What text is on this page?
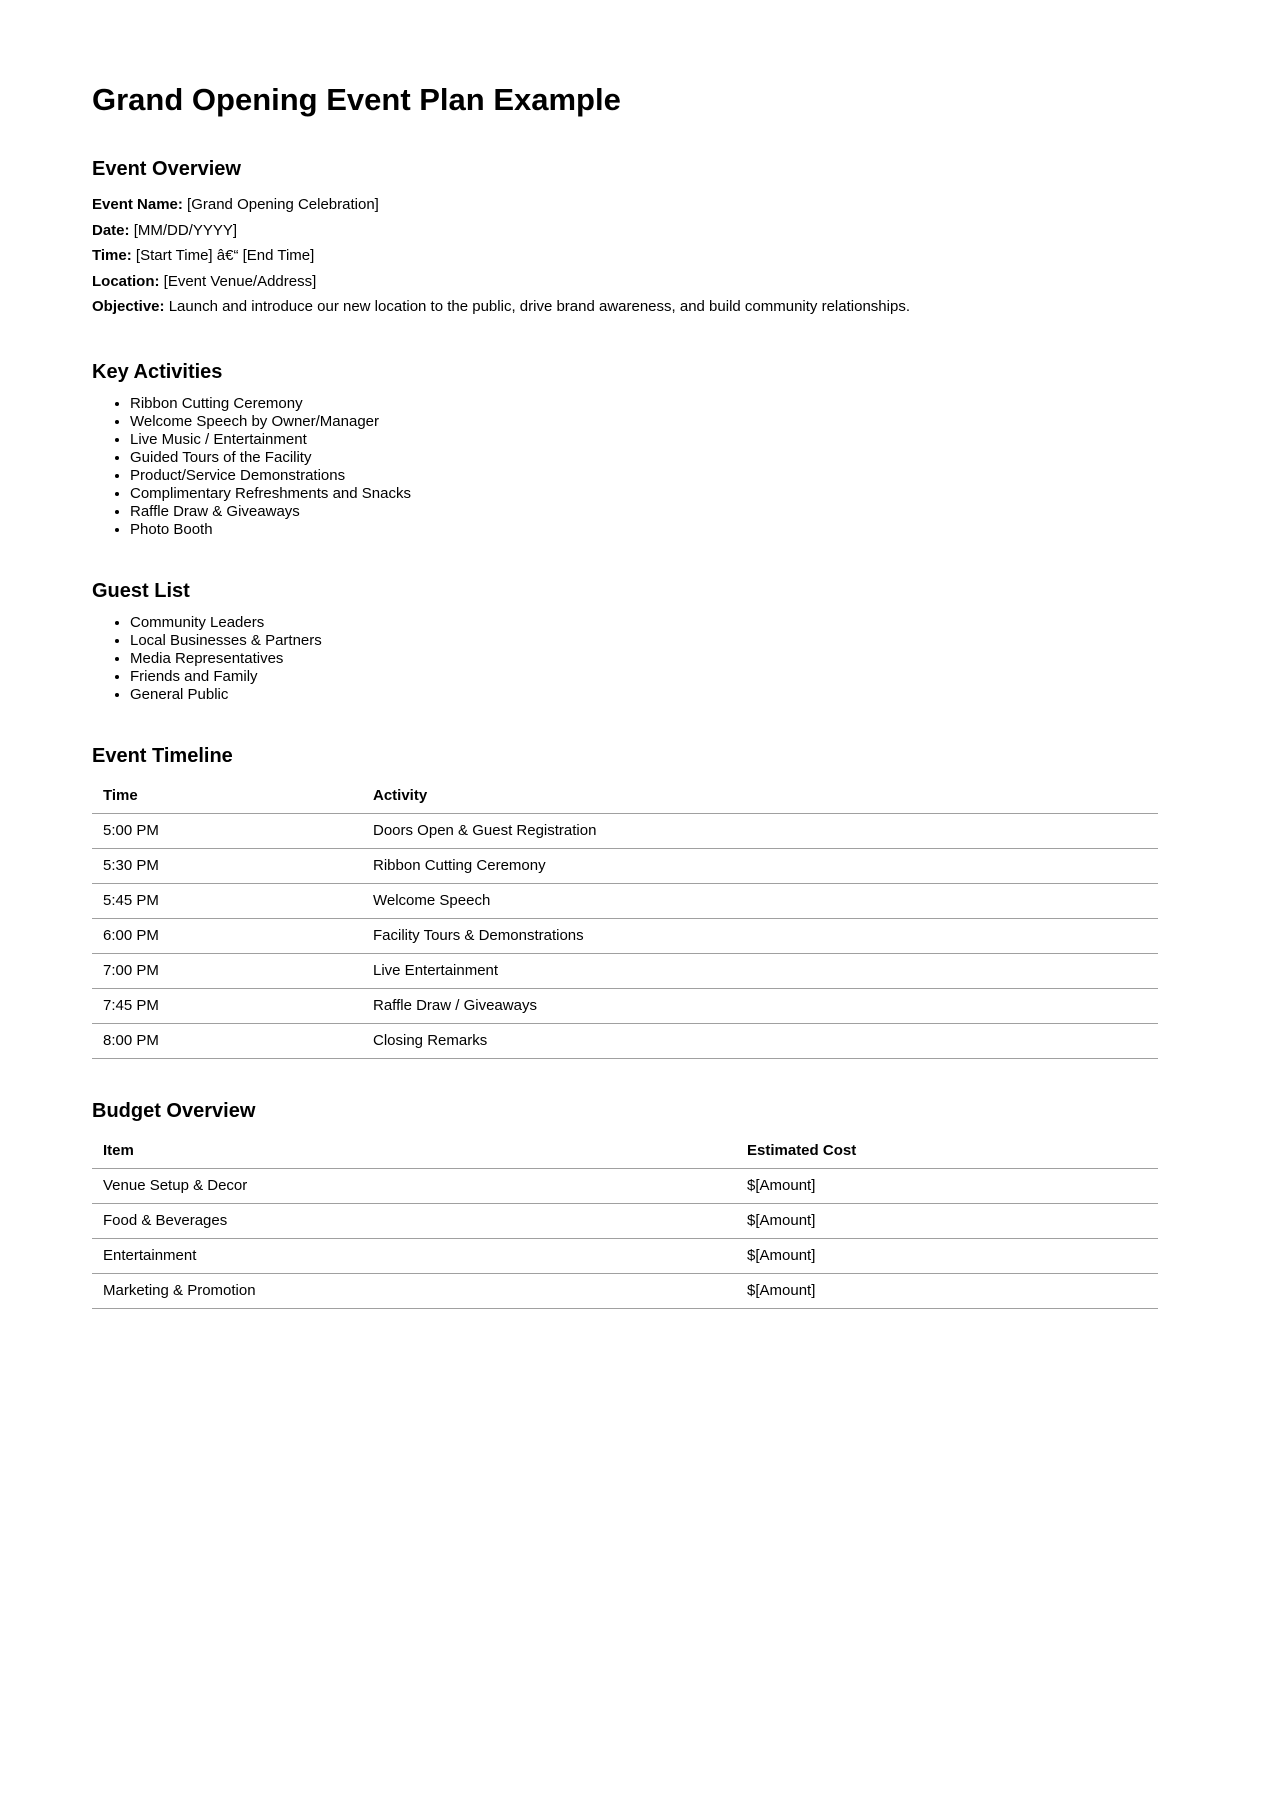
Grand Opening Event Plan Example
Event Overview
Event Name: [Grand Opening Celebration]
Date: [MM/DD/YYYY]
Time: [Start Time] â€“ [End Time]
Location: [Event Venue/Address]
Objective: Launch and introduce our new location to the public, drive brand awareness, and build community relationships.
Key Activities
• Ribbon Cutting Ceremony
• Welcome Speech by Owner/Manager
• Live Music / Entertainment
• Guided Tours of the Facility
• Product/Service Demonstrations
• Complimentary Refreshments and Snacks
• Raffle Draw & Giveaways
• Photo Booth
Guest List
• Community Leaders
• Local Businesses & Partners
• Media Representatives
• Friends and Family
• General Public
Event Timeline
Time	Activity
5:00 PM	Doors Open & Guest Registration
5:30 PM	Ribbon Cutting Ceremony
5:45 PM	Welcome Speech
6:00 PM	Facility Tours & Demonstrations
7:00 PM	Live Entertainment
7:45 PM	Raffle Draw / Giveaways
8:00 PM	Closing Remarks
Budget Overview
Item	Estimated Cost
Venue Setup & Decor	$[Amount]
Food & Beverages	$[Amount]
Entertainment	$[Amount]
Marketing & Promotion	$[Amount]
